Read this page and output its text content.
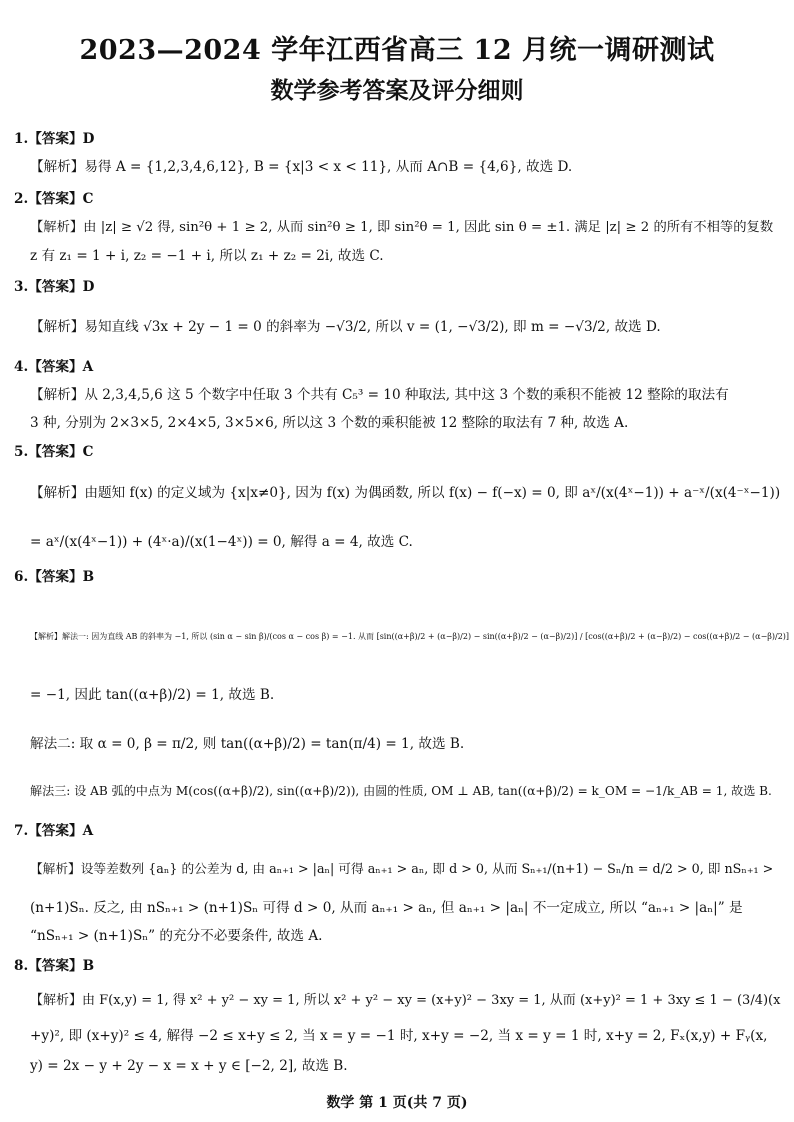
2023—2024 学年江西省高三 12 月统一调研测试
数学参考答案及评分细则
1.【答案】D
【解析】易得 A = {1,2,3,4,6,12}, B = {x|3 < x < 11}, 从而 A∩B = {4,6}, 故选 D.
2.【答案】C
【解析】由 |z| ≥ √2 得, sin²θ + 1 ≥ 2, 从而 sin²θ ≥ 1, 即 sin²θ = 1, 因此 sin θ = ±1. 满足 |z| ≥ 2 的所有不相等的复数
z 有 z₁ = 1 + i, z₂ = −1 + i, 所以 z₁ + z₂ = 2i, 故选 C.
3.【答案】D
【解析】易知直线 √3x + 2y − 1 = 0 的斜率为 −√3/2, 所以 v = (1, −√3/2), 即 m = −√3/2, 故选 D.
4.【答案】A
【解析】从 2,3,4,5,6 这 5 个数字中任取 3 个共有 C₅³ = 10 种取法, 其中这 3 个数的乘积不能被 12 整除的取法有
3 种, 分别为 2×3×5, 2×4×5, 3×5×6, 所以这 3 个数的乘积能被 12 整除的取法有 7 种, 故选 A.
5.【答案】C
【解析】由题知 f(x) 的定义域为 {x|x≠0}, 因为 f(x) 为偶函数, 所以 f(x) − f(−x) = 0, 即 aˣ/(x(4ˣ−1)) + a⁻ˣ/(x(4⁻ˣ−1))
= aˣ/(x(4ˣ−1)) + (4ˣ·a)/(x(1−4ˣ)) = 0, 解得 a = 4, 故选 C.
6.【答案】B
【解析】解法一: 因为直线 AB 的斜率为 −1, 所以 (sin α − sin β)/(cos α − cos β) = −1. 从而 [sin((α+β)/2 + (α−β)/2) − sin((α+β)/2 − (α−β)/2)] / [cos((α+β)/2 + (α−β)/2) − cos((α+β)/2 − (α−β)/2)]
= −1, 因此 tan((α+β)/2) = 1, 故选 B.
解法二: 取 α = 0, β = π/2, 则 tan((α+β)/2) = tan(π/4) = 1, 故选 B.
解法三: 设 AB 弧的中点为 M(cos((α+β)/2), sin((α+β)/2)), 由圆的性质, OM ⊥ AB, tan((α+β)/2) = k_OM = −1/k_AB = 1, 故选 B.
7.【答案】A
【解析】设等差数列 {aₙ} 的公差为 d, 由 aₙ₊₁ > |aₙ| 可得 aₙ₊₁ > aₙ, 即 d > 0, 从而 Sₙ₊₁/(n+1) − Sₙ/n = d/2 > 0, 即 nSₙ₊₁ >
(n+1)Sₙ. 反之, 由 nSₙ₊₁ > (n+1)Sₙ 可得 d > 0, 从而 aₙ₊₁ > aₙ, 但 aₙ₊₁ > |aₙ| 不一定成立, 所以 “aₙ₊₁ > |aₙ|” 是
“nSₙ₊₁ > (n+1)Sₙ” 的充分不必要条件, 故选 A.
8.【答案】B
【解析】由 F(x,y) = 1, 得 x² + y² − xy = 1, 所以 x² + y² − xy = (x+y)² − 3xy = 1, 从而 (x+y)² = 1 + 3xy ≤ 1 − (3/4)(x
+y)², 即 (x+y)² ≤ 4, 解得 −2 ≤ x+y ≤ 2, 当 x = y = −1 时, x+y = −2, 当 x = y = 1 时, x+y = 2, Fₓ(x,y) + Fᵧ(x,
y) = 2x − y + 2y − x = x + y ∈ [−2, 2], 故选 B.
数学 第 1 页(共 7 页)
